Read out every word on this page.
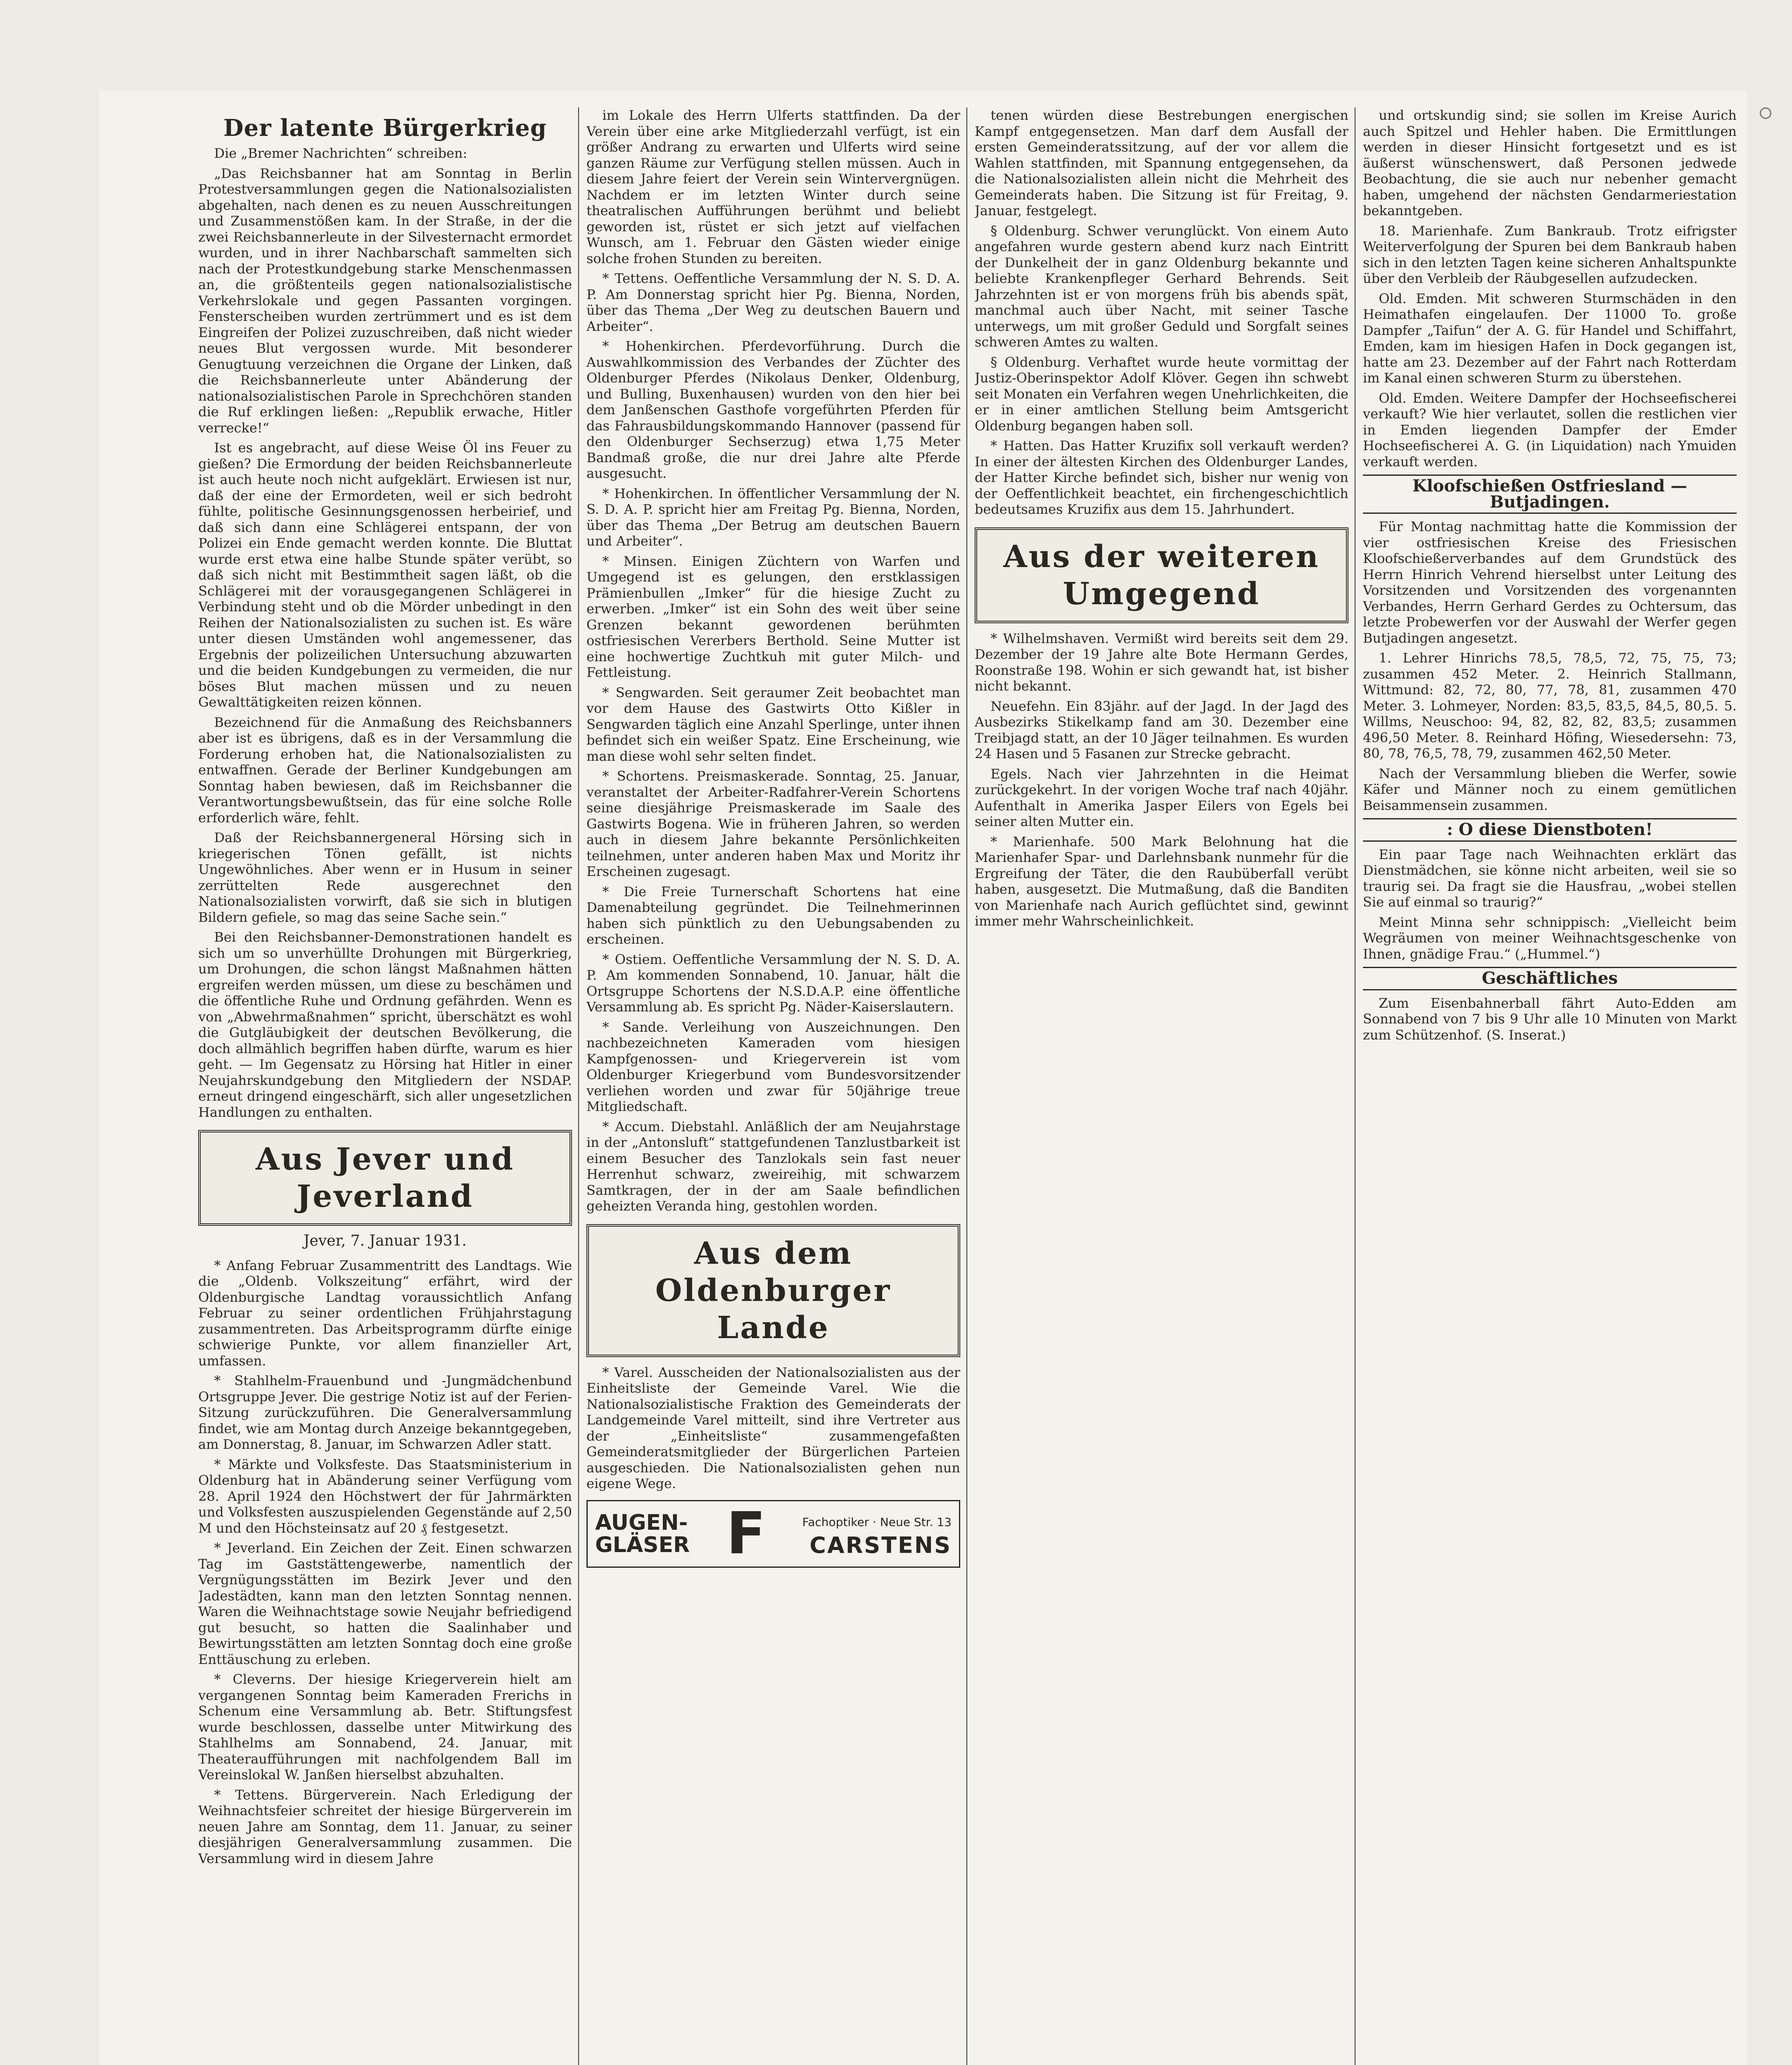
Der latente Bürgerkrieg

Die „Bremer Nachrichten“ schreiben:

„Das Reichsbanner hat am Sonntag in Berlin Protestversammlungen gegen die Nationalsozialisten abgehalten, nach denen es zu neuen Ausschreitungen und Zusammenstößen kam. In der Straße, in der die zwei Reichsbannerleute in der Silvesternacht ermordet wurden, und in ihrer Nachbarschaft sammelten sich nach der Protestkundgebung starke Menschenmassen an, die größtenteils gegen nationalsozialistische Verkehrslokale und gegen Passanten vorgingen. Fensterscheiben wurden zertrümmert und es ist dem Eingreifen der Polizei zuzuschreiben, daß nicht wieder neues Blut vergossen wurde. Mit besonderer Genugtuung verzeichnen die Organe der Linken, daß die Reichsbannerleute unter Abänderung der nationalsozialistischen Parole in Sprechchören standen die Ruf erklingen ließen: „Republik erwache, Hitler verrecke!“

Ist es angebracht, auf diese Weise Öl ins Feuer zu gießen? Die Ermordung der beiden Reichsbannerleute ist auch heute noch nicht aufgeklärt. Erwiesen ist nur, daß der eine der Ermordeten, weil er sich bedroht fühlte, politische Gesinnungsgenossen herbeirief, und daß sich dann eine Schlägerei entspann, der von Polizei ein Ende gemacht werden konnte. Die Bluttat wurde erst etwa eine halbe Stunde später verübt, so daß sich nicht mit Bestimmtheit sagen läßt, ob die Schlägerei mit der vorausgegangenen Schlägerei in Verbindung steht und ob die Mörder unbedingt in den Reihen der Nationalsozialisten zu suchen ist. Es wäre unter diesen Umständen wohl angemessener, das Ergebnis der polizeilichen Untersuchung abzuwarten und die beiden Kundgebungen zu vermeiden, die nur böses Blut machen müssen und zu neuen Gewalttätigkeiten reizen können.

Bezeichnend für die Anmaßung des Reichsbanners aber ist es übrigens, daß es in der Versammlung die Forderung erhoben hat, die Nationalsozialisten zu entwaffnen. Gerade der Berliner Kundgebungen am Sonntag haben bewiesen, daß im Reichsbanner die Verantwortungsbewußtsein, das für eine solche Rolle erforderlich wäre, fehlt.

Daß der Reichsbannergeneral Hörsing sich in kriegerischen Tönen gefällt, ist nichts Ungewöhnliches. Aber wenn er in Husum in seiner zerrüttelten Rede ausgerechnet den Nationalsozialisten vorwirft, daß sie sich in blutigen Bildern gefiele, so mag das seine Sache sein.“

Bei den Reichsbanner-Demonstrationen handelt es sich um so unverhüllte Drohungen mit Bürgerkrieg, um Drohungen, die schon längst Maßnahmen hätten ergreifen werden müssen, um diese zu beschämen und die öffentliche Ruhe und Ordnung gefährden. Wenn es von „Abwehrmaßnahmen“ spricht, überschätzt es wohl die Gutgläubigkeit der deutschen Bevölkerung, die doch allmählich begriffen haben dürfte, warum es hier geht. — Im Gegensatz zu Hörsing hat Hitler in einer Neujahrskundgebung den Mitgliedern der NSDAP. erneut dringend eingeschärft, sich aller ungesetzlichen Handlungen zu enthalten.

Aus Jever und Jeverland
Jever, 7. Januar 1931.

* Anfang Februar Zusammentritt des Landtags. Wie die „Oldenb. Volkszeitung“ erfährt, wird der Oldenburgische Landtag voraussichtlich Anfang Februar zu seiner ordentlichen Frühjahrstagung zusammentreten. Das Arbeitsprogramm dürfte einige schwierige Punkte, vor allem finanzieller Art, umfassen.

* Stahlhelm-Frauenbund und -Jungmädchenbund Ortsgruppe Jever. Die gestrige Notiz ist auf der Ferien-Sitzung zurückzuführen. Die Generalversammlung findet, wie am Montag durch Anzeige bekanntgegeben, am Donnerstag, 8. Januar, im Schwarzen Adler statt.

* Märkte und Volksfeste. Das Staatsministerium in Oldenburg hat in Abänderung seiner Verfügung vom 28. April 1924 den Höchstwert der für Jahrmärkten und Volksfesten auszuspielenden Gegenstände auf 2,50 M und den Höchsteinsatz auf 20 ₰ festgesetzt.

* Jeverland. Ein Zeichen der Zeit. Einen schwarzen Tag im Gaststättengewerbe, namentlich der Vergnügungsstätten im Bezirk Jever und den Jadestädten, kann man den letzten Sonntag nennen. Waren die Weihnachtstage sowie Neujahr befriedigend gut besucht, so hatten die Saalinhaber und Bewirtungsstätten am letzten Sonntag doch eine große Enttäuschung zu erleben.

* Cleverns. Der hiesige Kriegerverein hielt am vergangenen Sonntag beim Kameraden Frerichs in Schenum eine Versammlung ab. Betr. Stiftungsfest wurde beschlossen, dasselbe unter Mitwirkung des Stahlhelms am Sonnabend, 24. Januar, mit Theateraufführungen mit nachfolgendem Ball im Vereinslokal W. Janßen hierselbst abzuhalten.

* Tettens. Bürgerverein. Nach Erledigung der Weihnachtsfeier schreitet der hiesige Bürgerverein im neuen Jahre am Sonntag, dem 11. Januar, zu seiner diesjährigen Generalversammlung zusammen. Die Versammlung wird in diesem Jahre

im Lokale des Herrn Ulferts stattfinden. Da der Verein über eine arke Mitgliederzahl verfügt, ist ein größer Andrang zu erwarten und Ulferts wird seine ganzen Räume zur Verfügung stellen müssen. Auch in diesem Jahre feiert der Verein sein Wintervergnügen. Nachdem er im letzten Winter durch seine theatralischen Aufführungen berühmt und beliebt geworden ist, rüstet er sich jetzt auf vielfachen Wunsch, am 1. Februar den Gästen wieder einige solche frohen Stunden zu bereiten.

* Tettens. Oeffentliche Versammlung der N. S. D. A. P. Am Donnerstag spricht hier Pg. Bienna, Norden, über das Thema „Der Weg zu deutschen Bauern und Arbeiter“.

* Hohenkirchen. Pferdevorführung. Durch die Auswahlkommission des Verbandes der Züchter des Oldenburger Pferdes (Nikolaus Denker, Oldenburg, und Bulling, Buxenhausen) wurden von den hier bei dem Janßenschen Gasthofe vorgeführten Pferden für das Fahrausbildungskommando Hannover (passend für den Oldenburger Sechserzug) etwa 1,75 Meter Bandmaß große, die nur drei Jahre alte Pferde ausgesucht.

* Hohenkirchen. In öffentlicher Versammlung der N. S. D. A. P. spricht hier am Freitag Pg. Bienna, Norden, über das Thema „Der Betrug am deutschen Bauern und Arbeiter“.

* Minsen. Einigen Züchtern von Warfen und Umgegend ist es gelungen, den erstklassigen Prämienbullen „Imker“ für die hiesige Zucht zu erwerben. „Imker“ ist ein Sohn des weit über seine Grenzen bekannt gewordenen berühmten ostfriesischen Vererbers Berthold. Seine Mutter ist eine hochwertige Zuchtkuh mit guter Milch- und Fettleistung.

* Sengwarden. Seit geraumer Zeit beobachtet man vor dem Hause des Gastwirts Otto Kißler in Sengwarden täglich eine Anzahl Sperlinge, unter ihnen befindet sich ein weißer Spatz. Eine Erscheinung, wie man diese wohl sehr selten findet.

* Schortens. Preismaskerade. Sonntag, 25. Januar, veranstaltet der Arbeiter-Radfahrer-Verein Schortens seine diesjährige Preismaskerade im Saale des Gastwirts Bogena. Wie in früheren Jahren, so werden auch in diesem Jahre bekannte Persönlichkeiten teilnehmen, unter anderen haben Max und Moritz ihr Erscheinen zugesagt.

* Die Freie Turnerschaft Schortens hat eine Damenabteilung gegründet. Die Teilnehmerinnen haben sich pünktlich zu den Uebungsabenden zu erscheinen.

* Ostiem. Oeffentliche Versammlung der N. S. D. A. P. Am kommenden Sonnabend, 10. Januar, hält die Ortsgruppe Schortens der N.S.D.A.P. eine öffentliche Versammlung ab. Es spricht Pg. Näder-Kaiserslautern.

* Sande. Verleihung von Auszeichnungen. Den nachbezeichneten Kameraden vom hiesigen Kampfgenossen- und Kriegerverein ist vom Oldenburger Kriegerbund vom Bundesvorsitzender verliehen worden und zwar für 50jährige treue Mitgliedschaft.

* Accum. Diebstahl. Anläßlich der am Neujahrstage in der „Antonsluft“ stattgefundenen Tanzlustbarkeit ist einem Besucher des Tanzlokals sein fast neuer Herrenhut schwarz, zweireihig, mit schwarzem Samtkragen, der in der am Saale befindlichen geheizten Veranda hing, gestohlen worden.

Aus dem Oldenburger Lande

* Varel. Ausscheiden der Nationalsozialisten aus der Einheitsliste der Gemeinde Varel. Wie die Nationalsozialistische Fraktion des Gemeinderats der Landgemeinde Varel mitteilt, sind ihre Vertreter aus der „Einheitsliste“ zusammengefaßten Gemeinderatsmitglieder der Bürgerlichen Parteien ausgeschieden. Die Nationalsozialisten gehen nun eigene Wege.

AUGEN-
GLÄSER F	Fachoptiker · Neue Str. 13
CARSTENS

tenen würden diese Bestrebungen energischen Kampf entgegensetzen. Man darf dem Ausfall der ersten Gemeinderatssitzung, auf der vor allem die Wahlen stattfinden, mit Spannung entgegensehen, da die Nationalsozialisten allein nicht die Mehrheit des Gemeinderats haben. Die Sitzung ist für Freitag, 9. Januar, festgelegt.

§ Oldenburg. Schwer verunglückt. Von einem Auto angefahren wurde gestern abend kurz nach Eintritt der Dunkelheit der in ganz Oldenburg bekannte und beliebte Krankenpfleger Gerhard Behrends. Seit Jahrzehnten ist er von morgens früh bis abends spät, manchmal auch über Nacht, mit seiner Tasche unterwegs, um mit großer Geduld und Sorgfalt seines schweren Amtes zu walten.

§ Oldenburg. Verhaftet wurde heute vormittag der Justiz-Oberinspektor Adolf Klöver. Gegen ihn schwebt seit Monaten ein Verfahren wegen Unehrlichkeiten, die er in einer amtlichen Stellung beim Amtsgericht Oldenburg begangen haben soll.

* Hatten. Das Hatter Kruzifix soll verkauft werden? In einer der ältesten Kirchen des Oldenburger Landes, der Hatter Kirche befindet sich, bisher nur wenig von der Oeffentlichkeit beachtet, ein firchengeschichtlich bedeutsames Kruzifix aus dem 15. Jahrhundert.

Aus der weiteren Umgegend

* Wilhelmshaven. Vermißt wird bereits seit dem 29. Dezember der 19 Jahre alte Bote Hermann Gerdes, Roonstraße 198. Wohin er sich gewandt hat, ist bisher nicht bekannt.

Neuefehn. Ein 83jähr. auf der Jagd. In der Jagd des Ausbezirks Stikelkamp fand am 30. Dezember eine Treibjagd statt, an der 10 Jäger teilnahmen. Es wurden 24 Hasen und 5 Fasanen zur Strecke gebracht.

Egels. Nach vier Jahrzehnten in die Heimat zurückgekehrt. In der vorigen Woche traf nach 40jähr. Aufenthalt in Amerika Jasper Eilers von Egels bei seiner alten Mutter ein.

* Marienhafe. 500 Mark Belohnung hat die Marienhafer Spar- und Darlehnsbank nunmehr für die Ergreifung der Täter, die den Raubüberfall verübt haben, ausgesetzt. Die Mutmaßung, daß die Banditen von Marienhafe nach Aurich geflüchtet sind, gewinnt immer mehr Wahrscheinlichkeit.

und ortskundig sind; sie sollen im Kreise Aurich auch Spitzel und Hehler haben. Die Ermittlungen werden in dieser Hinsicht fortgesetzt und es ist äußerst wünschenswert, daß Personen jedwede Beobachtung, die sie auch nur nebenher gemacht haben, umgehend der nächsten Gendarmeriestation bekanntgeben.

18. Marienhafe. Zum Bankraub. Trotz eifrigster Weiterverfolgung der Spuren bei dem Bankraub haben sich in den letzten Tagen keine sicheren Anhaltspunkte über den Verbleib der Räubgesellen aufzudecken.

Old. Emden. Mit schweren Sturmschäden in den Heimathafen eingelaufen. Der 11000 To. große Dampfer „Taifun“ der A. G. für Handel und Schiffahrt, Emden, kam im hiesigen Hafen in Dock gegangen ist, hatte am 23. Dezember auf der Fahrt nach Rotterdam im Kanal einen schweren Sturm zu überstehen.

Old. Emden. Weitere Dampfer der Hochseefischerei verkauft? Wie hier verlautet, sollen die restlichen vier in Emden liegenden Dampfer der Emder Hochseefischerei A. G. (in Liquidation) nach Ymuiden verkauft werden.

Kloofschießen Ostfriesland — Butjadingen.

Für Montag nachmittag hatte die Kommission der vier ostfriesischen Kreise des Friesischen Kloofschießerverbandes auf dem Grundstück des Herrn Hinrich Vehrend hierselbst unter Leitung des Vorsitzenden und Vorsitzenden des vorgenannten Verbandes, Herrn Gerhard Gerdes zu Ochtersum, das letzte Probewerfen vor der Auswahl der Werfer gegen Butjadingen angesetzt.

1. Lehrer Hinrichs 78,5, 78,5, 72, 75, 75, 73; zusammen 452 Meter. 2. Heinrich Stallmann, Wittmund: 82, 72, 80, 77, 78, 81, zusammen 470 Meter. 3. Lohmeyer, Norden: 83,5, 83,5, 84,5, 80,5. 5. Willms, Neuschoo: 94, 82, 82, 82, 83,5; zusammen 496,50 Meter. 8. Reinhard Höfing, Wiesedersehn: 73, 80, 78, 76,5, 78, 79, zusammen 462,50 Meter.

Nach der Versammlung blieben die Werfer, sowie Käfer und Männer noch zu einem gemütlichen Beisammensein zusammen.

: O diese Dienstboten!

Ein paar Tage nach Weihnachten erklärt das Dienstmädchen, sie könne nicht arbeiten, weil sie so traurig sei. Da fragt sie die Hausfrau, „wobei stellen Sie auf einmal so traurig?“

Meint Minna sehr schnippisch: „Vielleicht beim Wegräumen von meiner Weihnachtsgeschenke von Ihnen, gnädige Frau.“ („Hummel.“)

Geschäftliches

Zum Eisenbahnerball fährt Auto-Edden am Sonnabend von 7 bis 9 Uhr alle 10 Minuten von Markt zum Schützenhof. (S. Inserat.)
